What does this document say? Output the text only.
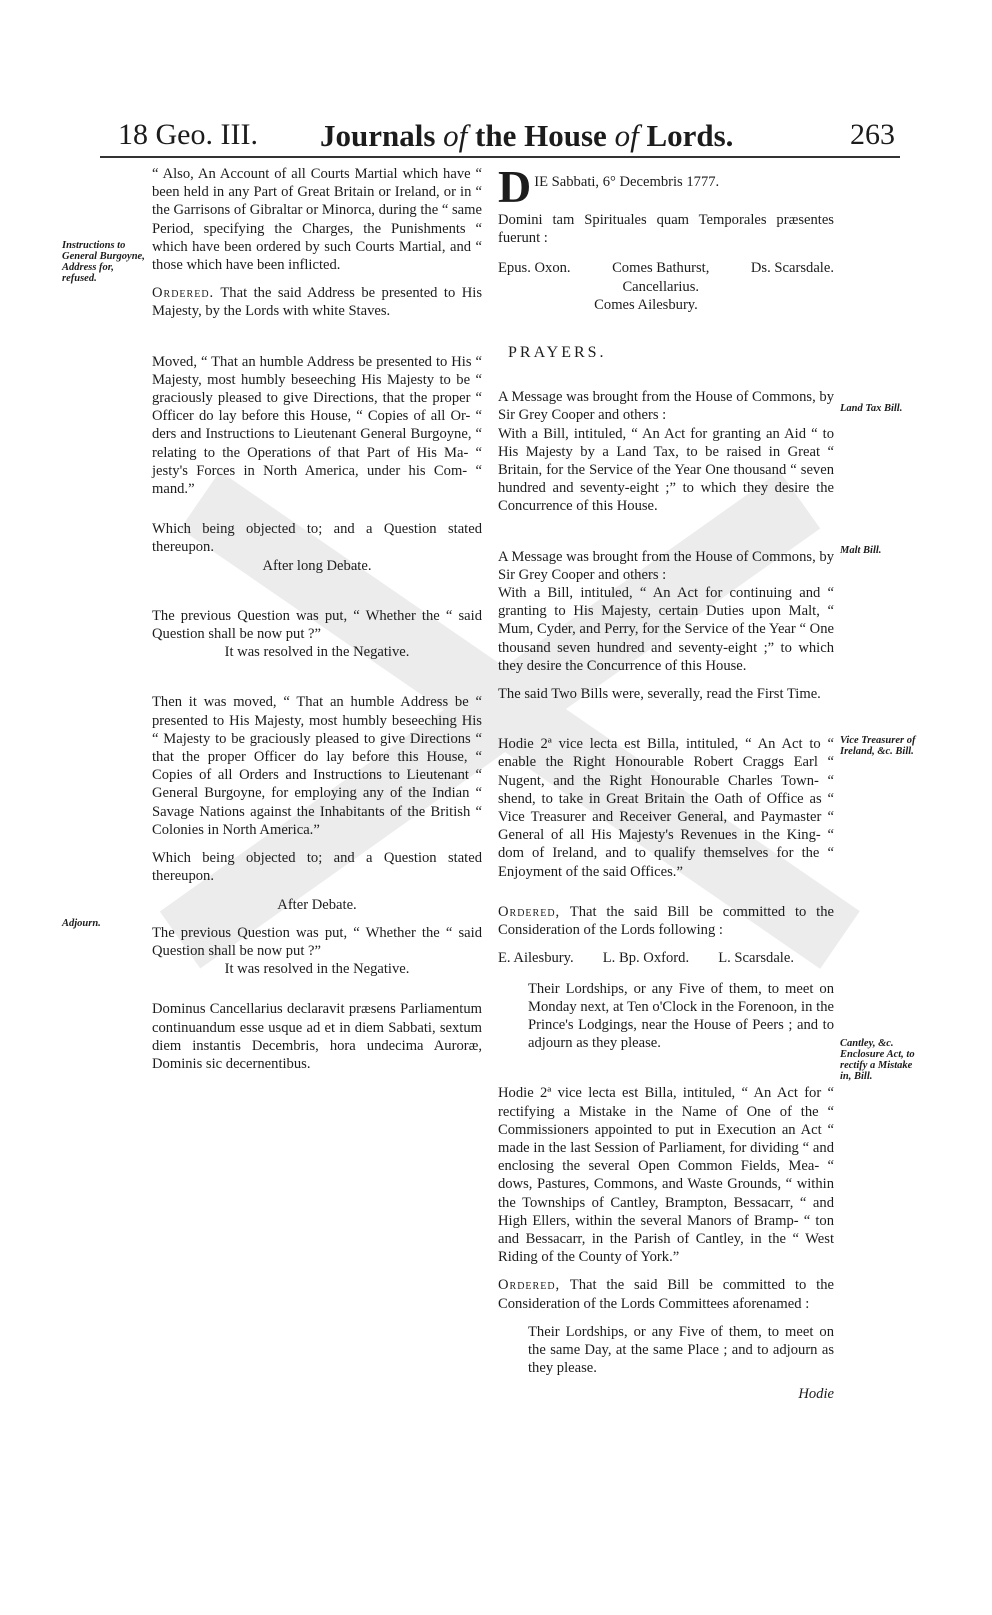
18 Geo. III. Journals of the House of Lords.	263
Instructions to General Burgoyne, Address for, refused.
Adjourn.
Land Tax Bill.
Malt Bill.
Vice Treasurer of Ireland, &c. Bill.
Cantley, &c. Enclosure Act, to rectify a Mistake in, Bill.

“ Also, An Account of all Courts Martial which have “ been held in any Part of Great Britain or Ireland, or in “ the Garrisons of Gibraltar or Minorca, during the “ same Period, specifying the Charges, the Punishments “ which have been ordered by such Courts Martial, and “ those which have been inflicted.

Ordered. That the said Address be presented to His Majesty, by the Lords with white Staves.

Moved, “ That an humble Address be presented to His “ Majesty, most humbly beseeching His Majesty to be “ graciously pleased to give Directions, that the proper “ Officer do lay before this House, “ Copies of all Or- “ ders and Instructions to Lieutenant General Burgoyne, “ relating to the Operations of that Part of His Ma- “ jesty's Forces in North America, under his Com- “ mand.”

Which being objected to; and a Question stated thereupon.

After long Debate.

The previous Question was put, “ Whether the “ said Question shall be now put ?”

It was resolved in the Negative.

Then it was moved, “ That an humble Address be “ presented to His Majesty, most humbly beseeching His “ Majesty to be graciously pleased to give Directions “ that the proper Officer do lay before this House, “ Copies of all Orders and Instructions to Lieutenant “ General Burgoyne, for employing any of the Indian “ Savage Nations against the Inhabitants of the British “ Colonies in North America.”

Which being objected to; and a Question stated thereupon.

After Debate.

The previous Question was put, “ Whether the “ said Question shall be now put ?”

It was resolved in the Negative.

Dominus Cancellarius declaravit præsens Parliamentum continuandum esse usque ad et in diem Sabbati, sextum diem instantis Decembris, hora undecima Auroræ, Dominis sic decernentibus.

D IE Sabbati, 6° Decembris 1777.

Domini tam Spirituales quam Temporales præsentes fuerunt :

Epus. Oxon.	Comes Bathurst, Cancellarius.
Ds. Scarsdale.

Comes Ailesbury.

PRAYERS.

A Message was brought from the House of Commons, by Sir Grey Cooper and others :

With a Bill, intituled, “ An Act for granting an Aid “ to His Majesty by a Land Tax, to be raised in Great “ Britain, for the Service of the Year One thousand “ seven hundred and seventy-eight ;” to which they desire the Concurrence of this House.

A Message was brought from the House of Commons, by Sir Grey Cooper and others :

With a Bill, intituled, “ An Act for continuing and “ granting to His Majesty, certain Duties upon Malt, “ Mum, Cyder, and Perry, for the Service of the Year “ One thousand seven hundred and seventy-eight ;” to which they desire the Concurrence of this House.

The said Two Bills were, severally, read the First Time.

Hodie 2ª vice lecta est Billa, intituled, “ An Act to “ enable the Right Honourable Robert Craggs Earl “ Nugent, and the Right Honourable Charles Town- “ shend, to take in Great Britain the Oath of Office as “ Vice Treasurer and Receiver General, and Paymaster “ General of all His Majesty's Revenues in the King- “ dom of Ireland, and to qualify themselves for the “ Enjoyment of the said Offices.”

Ordered, That the said Bill be committed to the Consideration of the Lords following :

E. Ailesbury. L. Bp. Oxford. L. Scarsdale.

Their Lordships, or any Five of them, to meet on Monday next, at Ten o'Clock in the Forenoon, in the Prince's Lodgings, near the House of Peers ; and to adjourn as they please.

Hodie 2ª vice lecta est Billa, intituled, “ An Act for “ rectifying a Mistake in the Name of One of the “ Commissioners appointed to put in Execution an Act “ made in the last Session of Parliament, for dividing “ and enclosing the several Open Common Fields, Mea- “ dows, Pastures, Commons, and Waste Grounds, “ within the Townships of Cantley, Brampton, Bessacarr, “ and High Ellers, within the several Manors of Bramp- “ ton and Bessacarr, in the Parish of Cantley, in the “ West Riding of the County of York.”

Ordered, That the said Bill be committed to the Consideration of the Lords Committees aforenamed :

Their Lordships, or any Five of them, to meet on the same Day, at the same Place ; and to adjourn as they please.

Hodie
